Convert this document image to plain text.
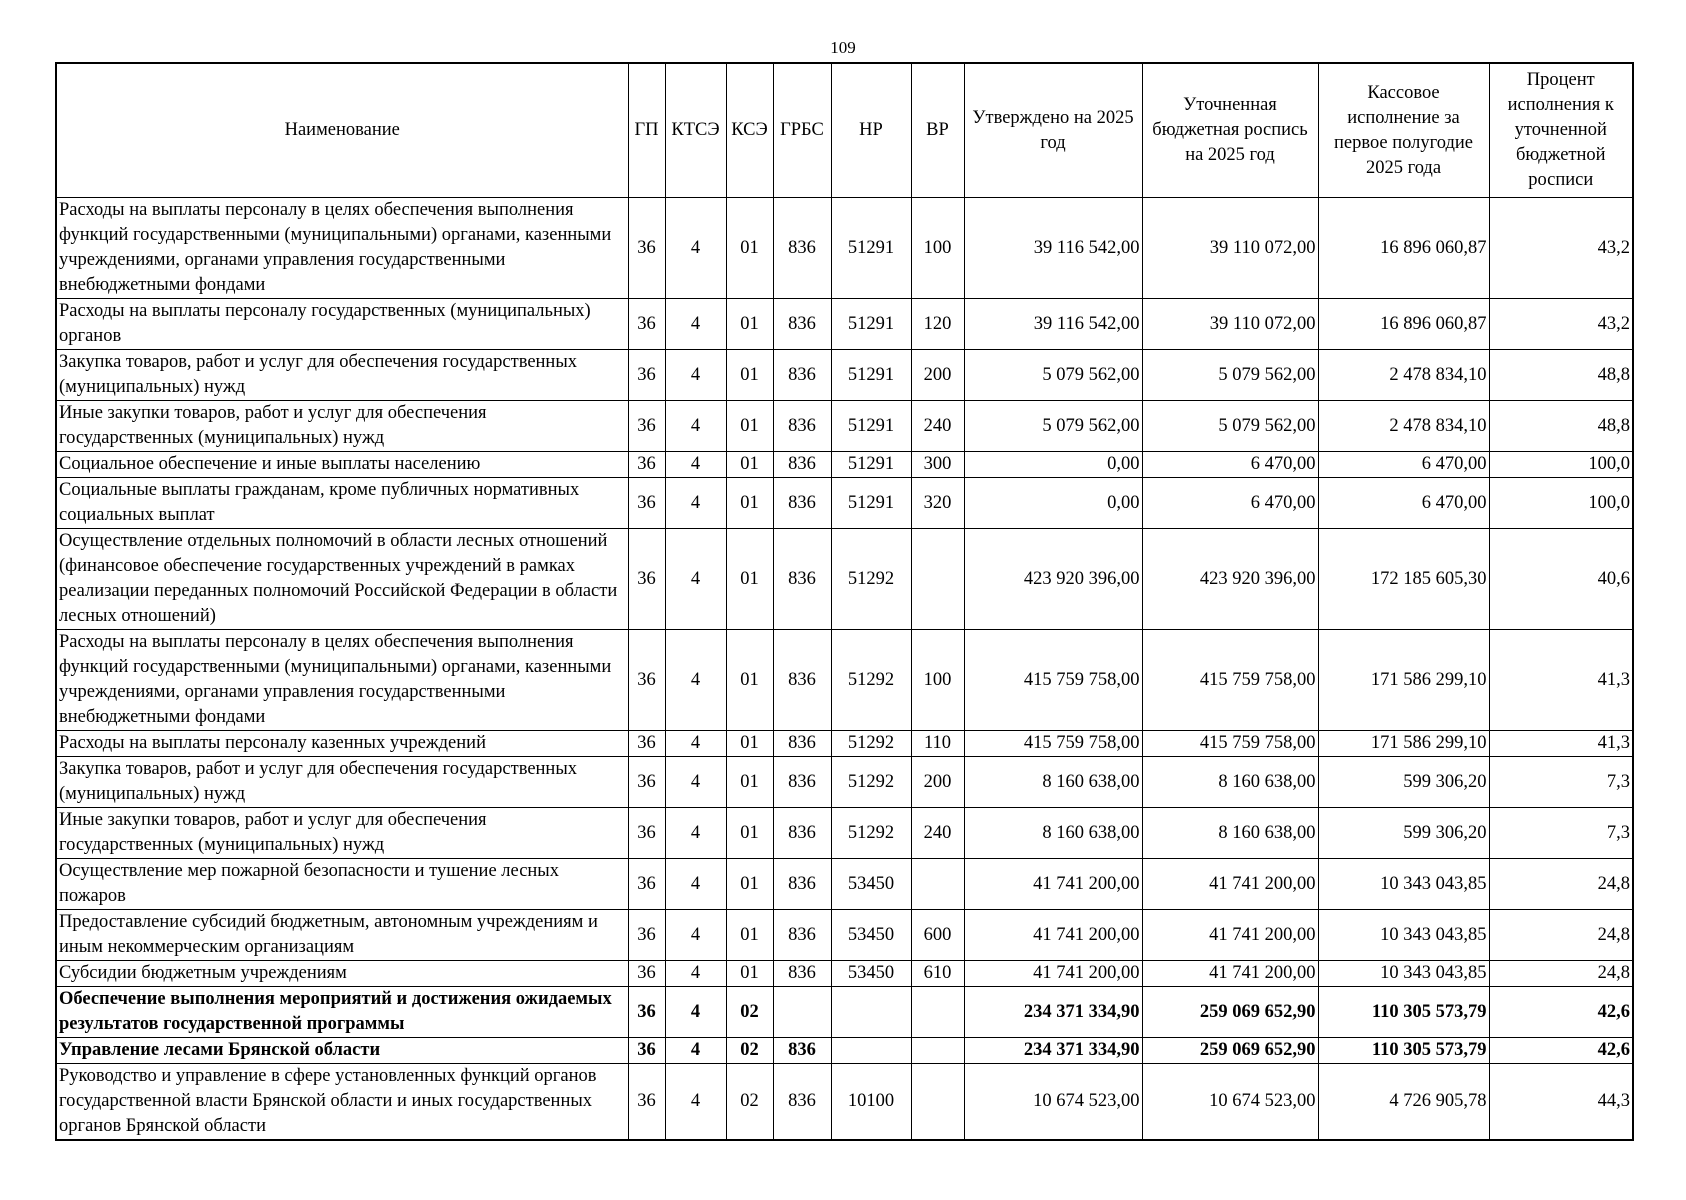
109
Наименование	ГП	КТСЭ	КСЭ	ГРБС	НР	ВР	Утверждено на 2025 год	Уточненная бюджетная роспись на 2025 год	Кассовое исполнение за первое полугодие 2025 года	Процент исполнения к уточненной бюджетной росписи
Расходы на выплаты персоналу в целях обеспечения выполнения функций государственными (муниципальными) органами, казенными учреждениями, органами управления государственными внебюджетными фондами	36	4	01	836	51291	100	39 116 542,00	39 110 072,00	16 896 060,87	43,2
Расходы на выплаты персоналу государственных (муниципальных) органов	36	4	01	836	51291	120	39 116 542,00	39 110 072,00	16 896 060,87	43,2
Закупка товаров, работ и услуг для обеспечения государственных (муниципальных) нужд	36	4	01	836	51291	200	5 079 562,00	5 079 562,00	2 478 834,10	48,8
Иные закупки товаров, работ и услуг для обеспечения государственных (муниципальных) нужд	36	4	01	836	51291	240	5 079 562,00	5 079 562,00	2 478 834,10	48,8
Социальное обеспечение и иные выплаты населению	36	4	01	836	51291	300	0,00	6 470,00	6 470,00	100,0
Социальные выплаты гражданам, кроме публичных нормативных социальных выплат	36	4	01	836	51291	320	0,00	6 470,00	6 470,00	100,0
Осуществление отдельных полномочий в области лесных отношений (финансовое обеспечение государственных учреждений в рамках реализации переданных полномочий Российской Федерации в области лесных отношений)	36	4	01	836	51292		423 920 396,00	423 920 396,00	172 185 605,30	40,6
Расходы на выплаты персоналу в целях обеспечения выполнения функций государственными (муниципальными) органами, казенными учреждениями, органами управления государственными внебюджетными фондами	36	4	01	836	51292	100	415 759 758,00	415 759 758,00	171 586 299,10	41,3
Расходы на выплаты персоналу казенных учреждений	36	4	01	836	51292	110	415 759 758,00	415 759 758,00	171 586 299,10	41,3
Закупка товаров, работ и услуг для обеспечения государственных (муниципальных) нужд	36	4	01	836	51292	200	8 160 638,00	8 160 638,00	599 306,20	7,3
Иные закупки товаров, работ и услуг для обеспечения государственных (муниципальных) нужд	36	4	01	836	51292	240	8 160 638,00	8 160 638,00	599 306,20	7,3
Осуществление мер пожарной безопасности и тушение лесных пожаров	36	4	01	836	53450		41 741 200,00	41 741 200,00	10 343 043,85	24,8
Предоставление субсидий бюджетным, автономным учреждениям и иным некоммерческим организациям	36	4	01	836	53450	600	41 741 200,00	41 741 200,00	10 343 043,85	24,8
Субсидии бюджетным учреждениям	36	4	01	836	53450	610	41 741 200,00	41 741 200,00	10 343 043,85	24,8
Обеспечение выполнения мероприятий и достижения ожидаемых результатов государственной программы	36	4	02				234 371 334,90	259 069 652,90	110 305 573,79	42,6
Управление лесами Брянской области	36	4	02	836			234 371 334,90	259 069 652,90	110 305 573,79	42,6
Руководство и управление в сфере установленных функций органов государственной власти Брянской области и иных государственных органов Брянской области	36	4	02	836	10100		10 674 523,00	10 674 523,00	4 726 905,78	44,3
